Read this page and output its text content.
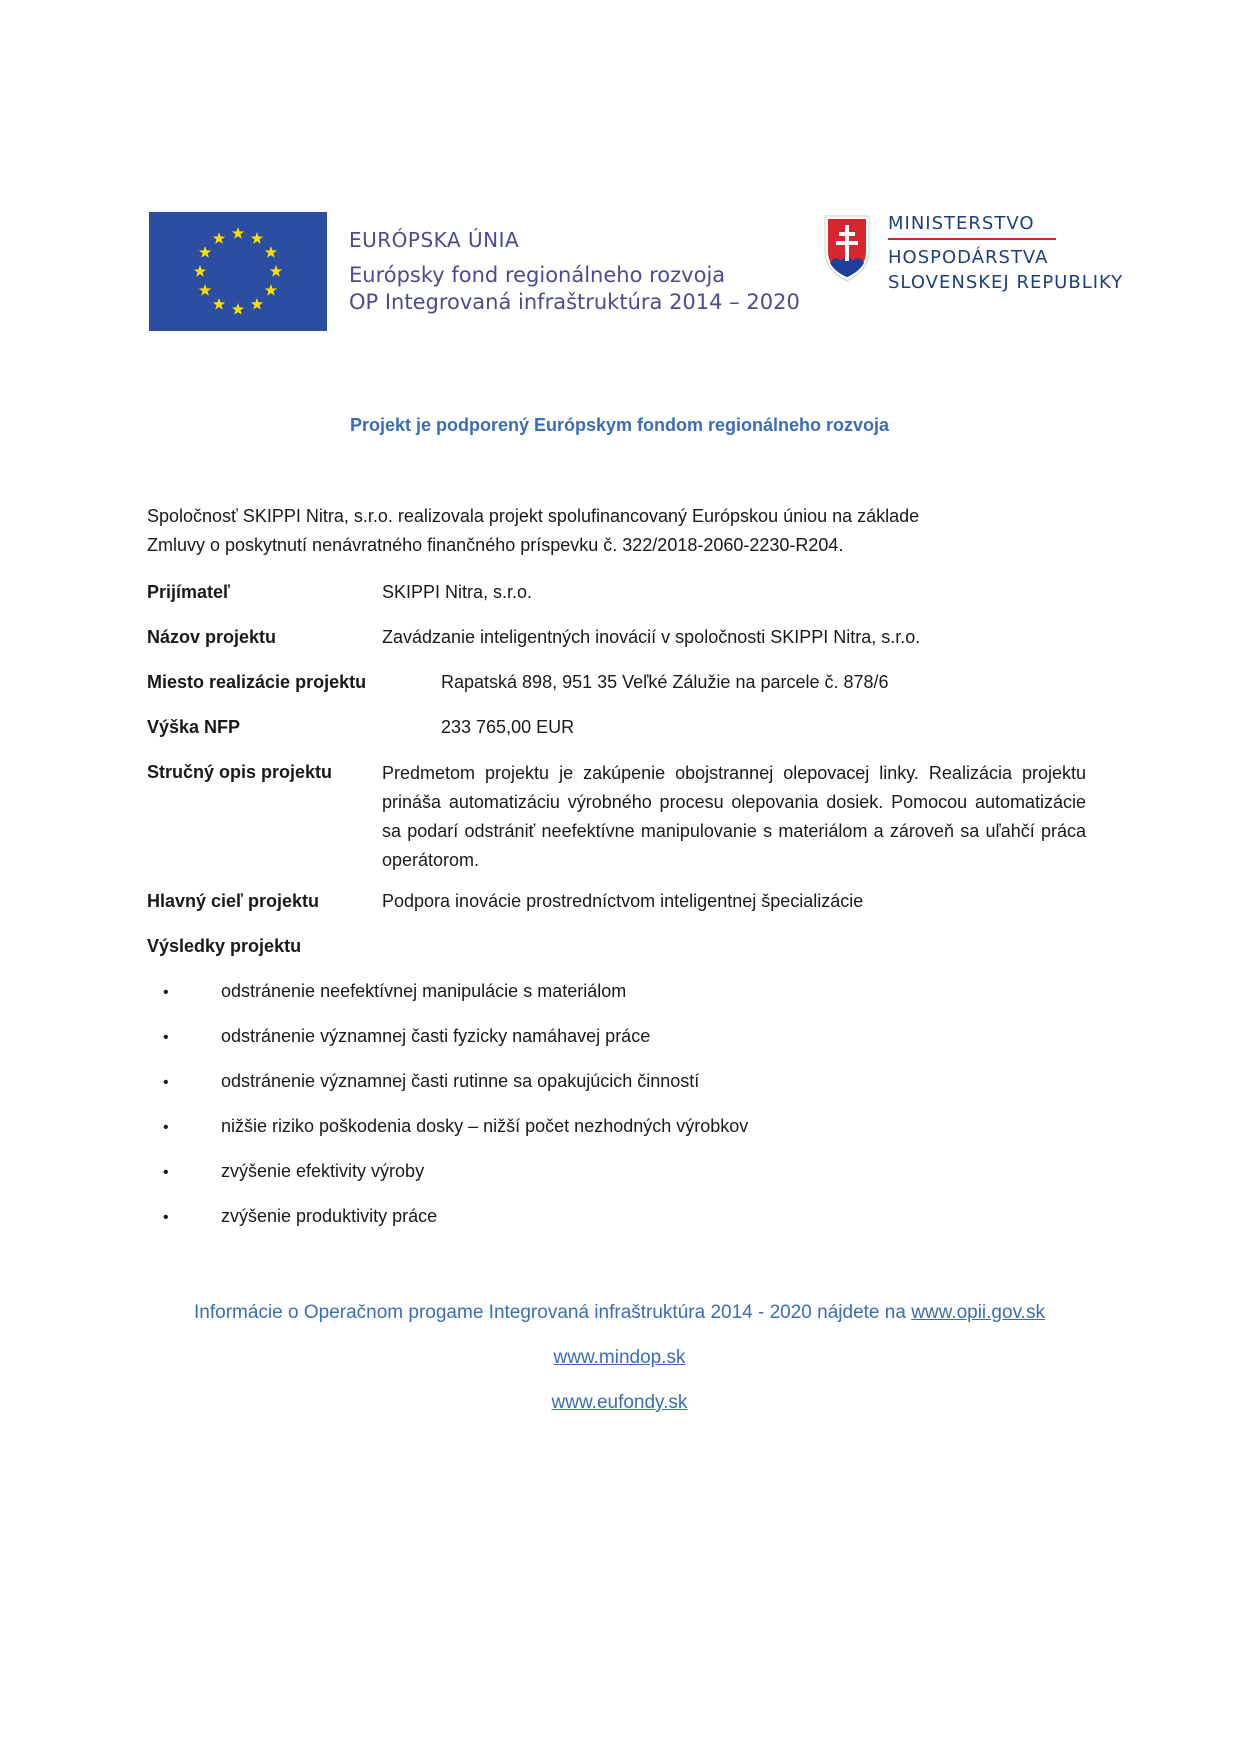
EURÓPSKA ÚNIA
Európsky fond regionálneho rozvoja
OP Integrovaná infraštruktúra 2014 – 2020
MINISTERSTVO
HOSPODÁRSTVA
SLOVENSKEJ REPUBLIKY
Projekt je podporený Európskym fondom regionálneho rozvoja
Spoločnosť SKIPPI Nitra, s.r.o. realizovala projekt spolufinancovaný Európskou úniou na základe
Zmluvy o poskytnutí nenávratného finančného príspevku č. 322/2018-2060-2230-R204.
Prijímateľ	SKIPPI Nitra, s.r.o.
Názov projektu	Zavádzanie inteligentných inovácií v spoločnosti SKIPPI Nitra, s.r.o.
Miesto realizácie projektu	Rapatská 898, 951 35 Veľké Zálužie na parcele č. 878/6
Výška NFP	233 765,00 EUR
Stručný opis projektu	Predmetom projektu je zakúpenie obojstrannej olepovacej linky. Realizácia projektu prináša automatizáciu výrobného procesu olepovania dosiek. Pomocou automatizácie sa podarí odstrániť neefektívne manipulovanie s materiálom a zároveň sa uľahčí práca operátorom.
Hlavný cieľ projektu	Podpora inovácie prostredníctvom inteligentnej špecializácie
Výsledky projektu
•	odstránenie neefektívnej manipulácie s materiálom
•	odstránenie významnej časti fyzicky namáhavej práce
•	odstránenie významnej časti rutinne sa opakujúcich činností
•	nižšie riziko poškodenia dosky – nižší počet nezhodných výrobkov
•	zvýšenie efektivity výroby
•	zvýšenie produktivity práce
Informácie o Operačnom progame Integrovaná infraštruktúra 2014 - 2020 nájdete na www.opii.gov.sk
www.mindop.sk
www.eufondy.sk
